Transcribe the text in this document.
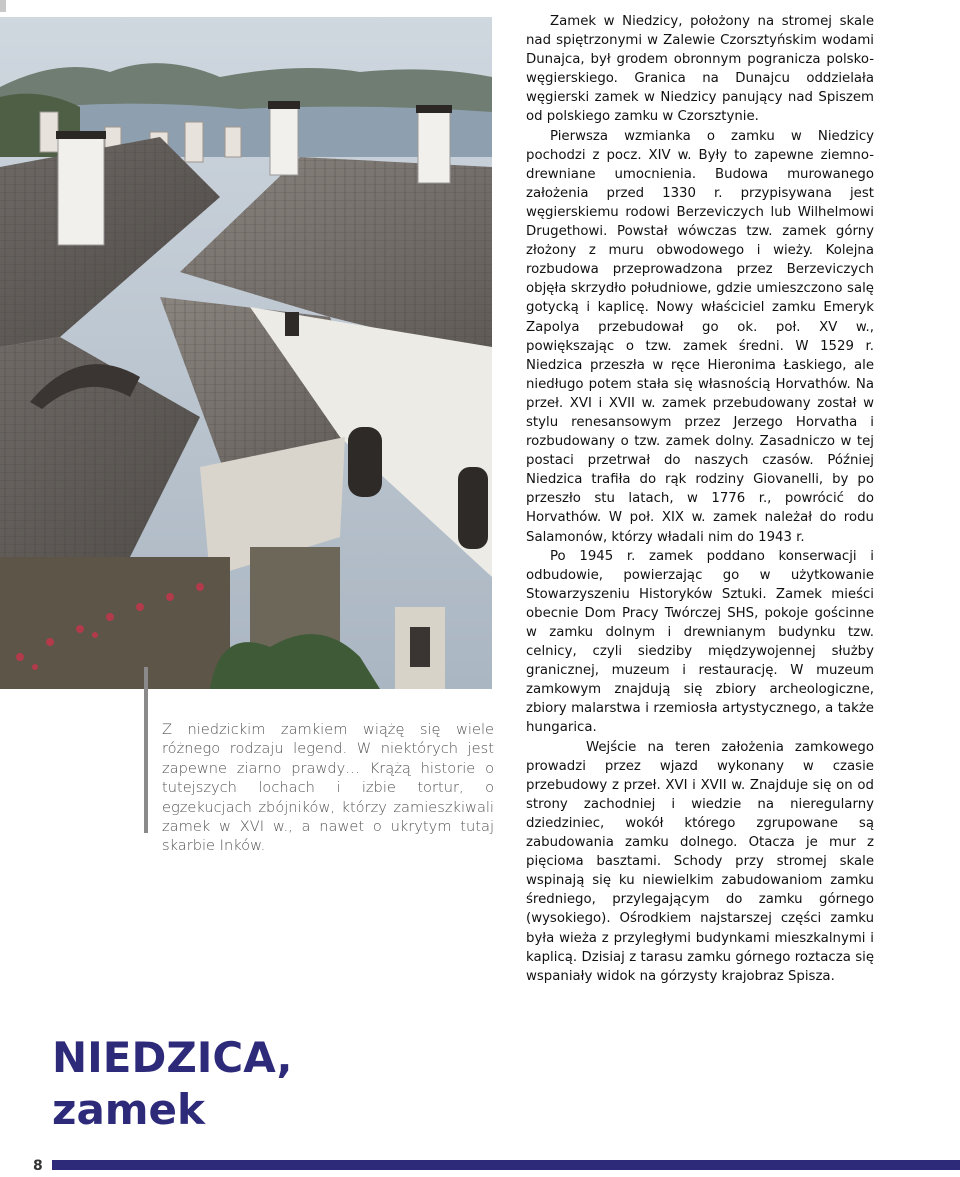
Z niedzickim zamkiem wiążę się wiele różnego rodzaju legend. W niektórych jest zapewne ziarno prawdy… Krążą historie o tutejszych lochach i izbie tortur, o egzekucjach zbójników, którzy zamieszkiwali zamek w XVI w., a nawet o ukrytym tutaj skarbie Inków.

Zamek w Niedzicy, położony na stromej skale nad spiętrzonymi w Zalewie Czorsztyńskim wodami Dunajca, był grodem obronnym pogranicza polsko-węgierskiego. Granica na Dunajcu oddzielała węgierski zamek w Niedzicy panujący nad Spiszem od polskiego zamku w Czorsztynie.

Pierwsza wzmianka o zamku w Niedzicy pochodzi z pocz. XIV w. Były to zapewne ziemno-drewniane umocnienia. Budowa murowanego założenia przed 1330 r. przypisywana jest węgierskiemu rodowi Berzeviczych lub Wilhelmowi Drugethowi. Powstał wówczas tzw. zamek górny złożony z muru obwodowego i wieży. Kolejna rozbudowa przeprowadzona przez Berzeviczych objęła skrzydło południowe, gdzie umieszczono salę gotycką i kaplicę. Nowy właściciel zamku Emeryk Zapolya przebudował go ok. poł. XV w., powiększając o tzw. zamek średni. W 1529 r. Niedzica przeszła w ręce Hieronima Łaskiego, ale niedługo potem stała się własnością Horvathów. Na przeł. XVI i XVII w. zamek przebudowany został w stylu renesansowym przez Jerzego Horvatha i rozbudowany o tzw. zamek dolny. Zasadniczo w tej postaci przetrwał do naszych czasów. Później Niedzica trafiła do rąk rodziny Giovanelli, by po przeszło stu latach, w 1776 r., powrócić do Horvathów. W poł. XIX w. zamek należał do rodu Salamonów, którzy władali nim do 1943 r.

Po 1945 r. zamek poddano konserwacji i odbudowie, powierzając go w użytkowanie Stowarzyszeniu Historyków Sztuki. Zamek mieści obecnie Dom Pracy Twórczej SHS, pokoje gościnne w zamku dolnym i drewnianym budynku tzw. celnicy, czyli siedziby międzywojennej służby granicznej, muzeum i restaurację. W muzeum zamkowym znajdują się zbiory archeologiczne, zbiory malarstwa i rzemiosła artystycznego, a także hungarica.

Wejście na teren założenia zamkowego prowadzi przez wjazd wykonany w czasie przebudowy z przeł. XVI i XVII w. Znajduje się on od strony zachodniej i wiedzie na nieregularny dziedziniec, wokół którego zgrupowane są zabudowania zamku dolnego. Otacza je mur z pięciома basztami. Schody przy stromej skale wspinają się ku niewielkim zabudowaniom zamku średniego, przylegającym do zamku górnego (wysokiego). Ośrodkiem najstarszej części zamku była wieża z przyległymi budynkami mieszkalnymi i kaplicą. Dzisiaj z tarasu zamku górnego roztacza się wspaniały widok na górzysty krajobraz Spisza.

NIEDZICA,
zamek
8
